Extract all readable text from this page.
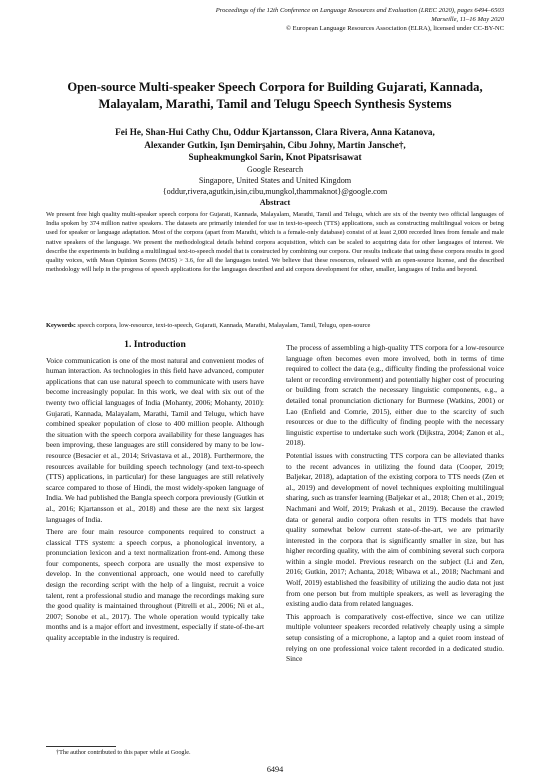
Proceedings of the 12th Conference on Language Resources and Evaluation (LREC 2020), pages 6494–6503
Marseille, 11–16 May 2020
© European Language Resources Association (ELRA), licensed under CC-BY-NC
Open-source Multi-speaker Speech Corpora for Building Gujarati, Kannada, Malayalam, Marathi, Tamil and Telugu Speech Synthesis Systems
Fei He, Shan-Hui Cathy Chu, Oddur Kjartansson, Clara Rivera, Anna Katanova,
Alexander Gutkin, Işın Demirşahin, Cibu Johny, Martin Jansche†,
Supheakmungkol Sarin, Knot Pipatsrisawat
Google Research
Singapore, United States and United Kingdom
{oddur,rivera,agutkin,isin,cibu,mungkol,thammaknot}@google.com
Abstract
We present free high quality multi-speaker speech corpora for Gujarati, Kannada, Malayalam, Marathi, Tamil and Telugu, which are six of the twenty two official languages of India spoken by 374 million native speakers. The datasets are primarily intended for use in text-to-speech (TTS) applications, such as constructing multilingual voices or being used for speaker or language adaptation. Most of the corpora (apart from Marathi, which is a female-only database) consist of at least 2,000 recorded lines from female and male native speakers of the language. We present the methodological details behind corpora acquisition, which can be scaled to acquiring data for other languages of interest. We describe the experiments in building a multilingual text-to-speech model that is constructed by combining our corpora. Our results indicate that using these corpora results in good quality voices, with Mean Opinion Scores (MOS) > 3.6, for all the languages tested. We believe that these resources, released with an open-source license, and the described methodology will help in the progress of speech applications for the languages described and aid corpora development for other, smaller, languages of India and beyond.
Keywords: speech corpora, low-resource, text-to-speech, Gujarati, Kannada, Marathi, Malayalam, Tamil, Telugu, open-source
1. Introduction

Voice communication is one of the most natural and convenient modes of human interaction. As technologies in this field have advanced, computer applications that can use natural speech to communicate with users have become increasingly popular. In this work, we deal with six out of the twenty two official languages of India (Mohanty, 2006; Mohanty, 2010): Gujarati, Kannada, Malayalam, Marathi, Tamil and Telugu, which have combined speaker population of close to 400 million people. Although the situation with the speech corpora availability for these languages has been improving, these languages are still considered by many to be low-resource (Besacier et al., 2014; Srivastava et al., 2018). Furthermore, the resources available for building speech technology (and text-to-speech (TTS) applications, in particular) for these languages are still relatively scarce compared to those of Hindi, the most widely-spoken language of India. We had published the Bangla speech corpora previously (Gutkin et al., 2016; Kjartansson et al., 2018) and these are the next six largest languages of India.

There are four main resource components required to construct a classical TTS system: a speech corpus, a phonological inventory, a pronunciation lexicon and a text normalization front-end. Among these four components, speech corpora are usually the most expensive to develop. In the conventional approach, one would need to carefully design the recording script with the help of a linguist, recruit a voice talent, rent a professional studio and manage the recordings making sure the good quality is maintained throughout (Pitrelli et al., 2006; Ni et al., 2007; Sonobe et al., 2017). The whole operation would typically take months and is a major effort and investment, especially if state-of-the-art quality acceptable in the industry is required.

The process of assembling a high-quality TTS corpora for a low-resource language often becomes even more involved, both in terms of time required to collect the data (e.g., difficulty finding the professional voice talent or recording environment) and potentially higher cost of procuring or building from scratch the necessary linguistic components, e.g., a detailed tonal pronunciation dictionary for Burmese (Watkins, 2001) or Lao (Enfield and Comrie, 2015), either due to the scarcity of such resources or due to the difficulty of finding people with the necessary linguistic expertise to undertake such work (Dijkstra, 2004; Zanon et al., 2018).

Potential issues with constructing TTS corpora can be alleviated thanks to the recent advances in utilizing the found data (Cooper, 2019; Baljekar, 2018), adaptation of the existing corpora to TTS needs (Zen et al., 2019) and development of novel techniques exploiting multilingual sharing, such as transfer learning (Baljekar et al., 2018; Chen et al., 2019; Nachmani and Wolf, 2019; Prakash et al., 2019). Because the crawled data or general audio corpora often results in TTS models that have quality somewhat below current state-of-the-art, we are primarily interested in the corpora that is significantly smaller in size, but has higher recording quality, with the aim of combining several such corpora within a single model. Previous research on the subject (Li and Zen, 2016; Gutkin, 2017; Achanta, 2018; Wibawa et al., 2018; Nachmani and Wolf, 2019) established the feasibility of utilizing the audio data not just from one person but from multiple speakers, as well as leveraging the existing audio data from related languages.

This approach is comparatively cost-effective, since we can utilize multiple volunteer speakers recorded relatively cheaply using a simple setup consisting of a microphone, a laptop and a quiet room instead of relying on one professional voice talent recorded in a dedicated studio. Since

†The author contributed to this paper while at Google.
6494
